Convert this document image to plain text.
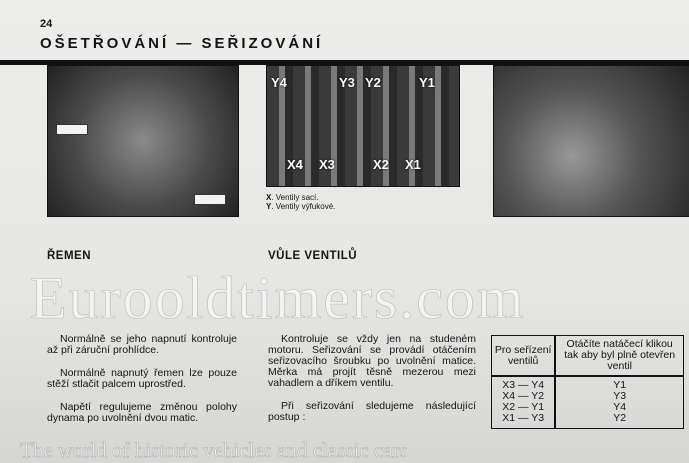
24
OŠETŘOVÁNÍ — SEŘIZOVÁNÍ
Y4	Y3 Y2	Y1
X4 X3	X2 X1
X. Ventily sací.
Y. Ventily výfukové.
ŘEMEN	VŮLE VENTILŮ
Eurooldtimers.com

Normálně se jeho napnutí kontroluje až při záruční prohlídce.

Normálně napnutý řemen lze pouze stěží stlačit palcem uprostřed.

Napětí regulujeme změnou polohy dynama po uvolnění dvou matic.

Kontroluje se vždy jen na studeném motoru. Seřizování se provádí otáčením seřizovacího šroubku po uvolnění matice. Měrka má projít těsně mezerou mezi vahadlem a dříkem ventilu.

Při seřizování sledujeme následující postup :

Pro seřízení ventilů	Otáčíte natáčecí klikou tak aby byl plně otevřen ventil
X3 — Y4	Y1
X4 — Y2	Y3
X2 — Y1	Y4
X1 — Y3	Y2
The world of historic vehicles and classic cars
